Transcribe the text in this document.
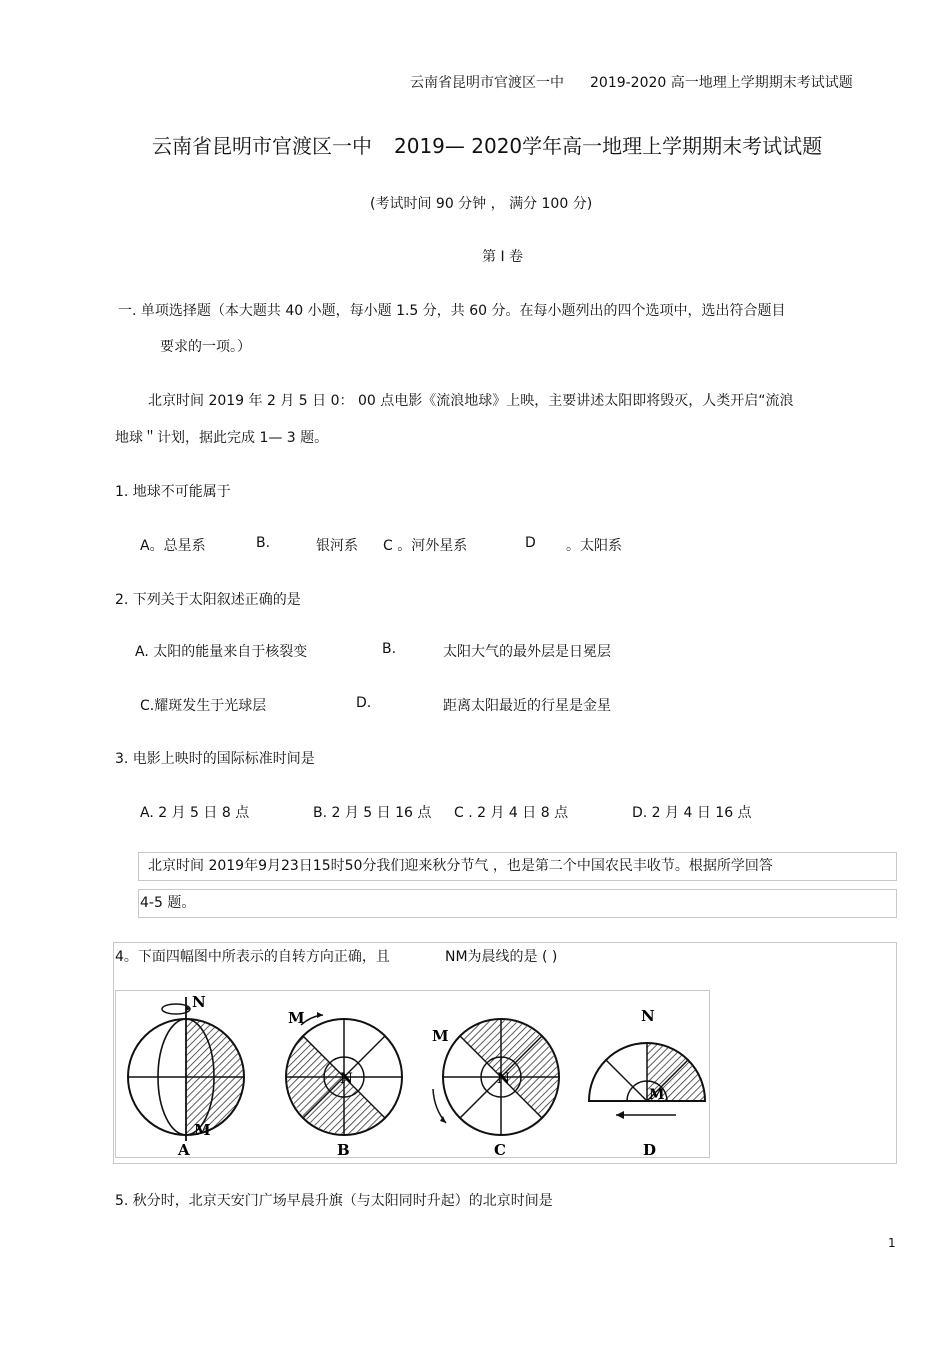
云南省昆明市官渡区一中 2019-2020 高一地理上学期期末考试试题
云南省昆明市官渡区一中 2019— 2020学年高一地理上学期期末考试试题
(考试时间 90 分钟 ， 满分 100 分)
第 Ⅰ 卷
一. 单项选择题（本大题共 40 小题，每小题 1.5 分，共 60 分。在每小题列出的四个选项中，选出符合题目
要求的一项。）
北京时间 2019 年 2 月 5 日 0： 00 点电影《流浪地球》上映，主要讲述太阳即将毁灭，人类开启“流浪
地球＂计划，据此完成 1— 3 题。
1. 地球不可能属于
A。总星系	B.	银河系 C 。河外星系	D 。太阳系
2. 下列关于太阳叙述正确的是
A. 太阳的能量来自于核裂变	B.	太阳大气的最外层是日冕层
C.耀斑发生于光球层	D.	距离太阳最近的行星是金星
3. 电影上映时的国际标准时间是
A. 2 月 5 日 8 点	B. 2 月 5 日 16 点 C . 2 月 4 日 8 点	D. 2 月 4 日 16 点
北京时间 2019年9月23日15时50分我们迎来秋分节气 ，也是第二个中国农民丰收节。根据所学回答
4-5 题。
4。下面四幅图中所表示的自转方向正确，且	NM为晨线的是 ( )
N
M
N
M
N
M
N
M
A	B	C	D
5. 秋分时，北京天安门广场早晨升旗（与太阳同时升起）的北京时间是
1
